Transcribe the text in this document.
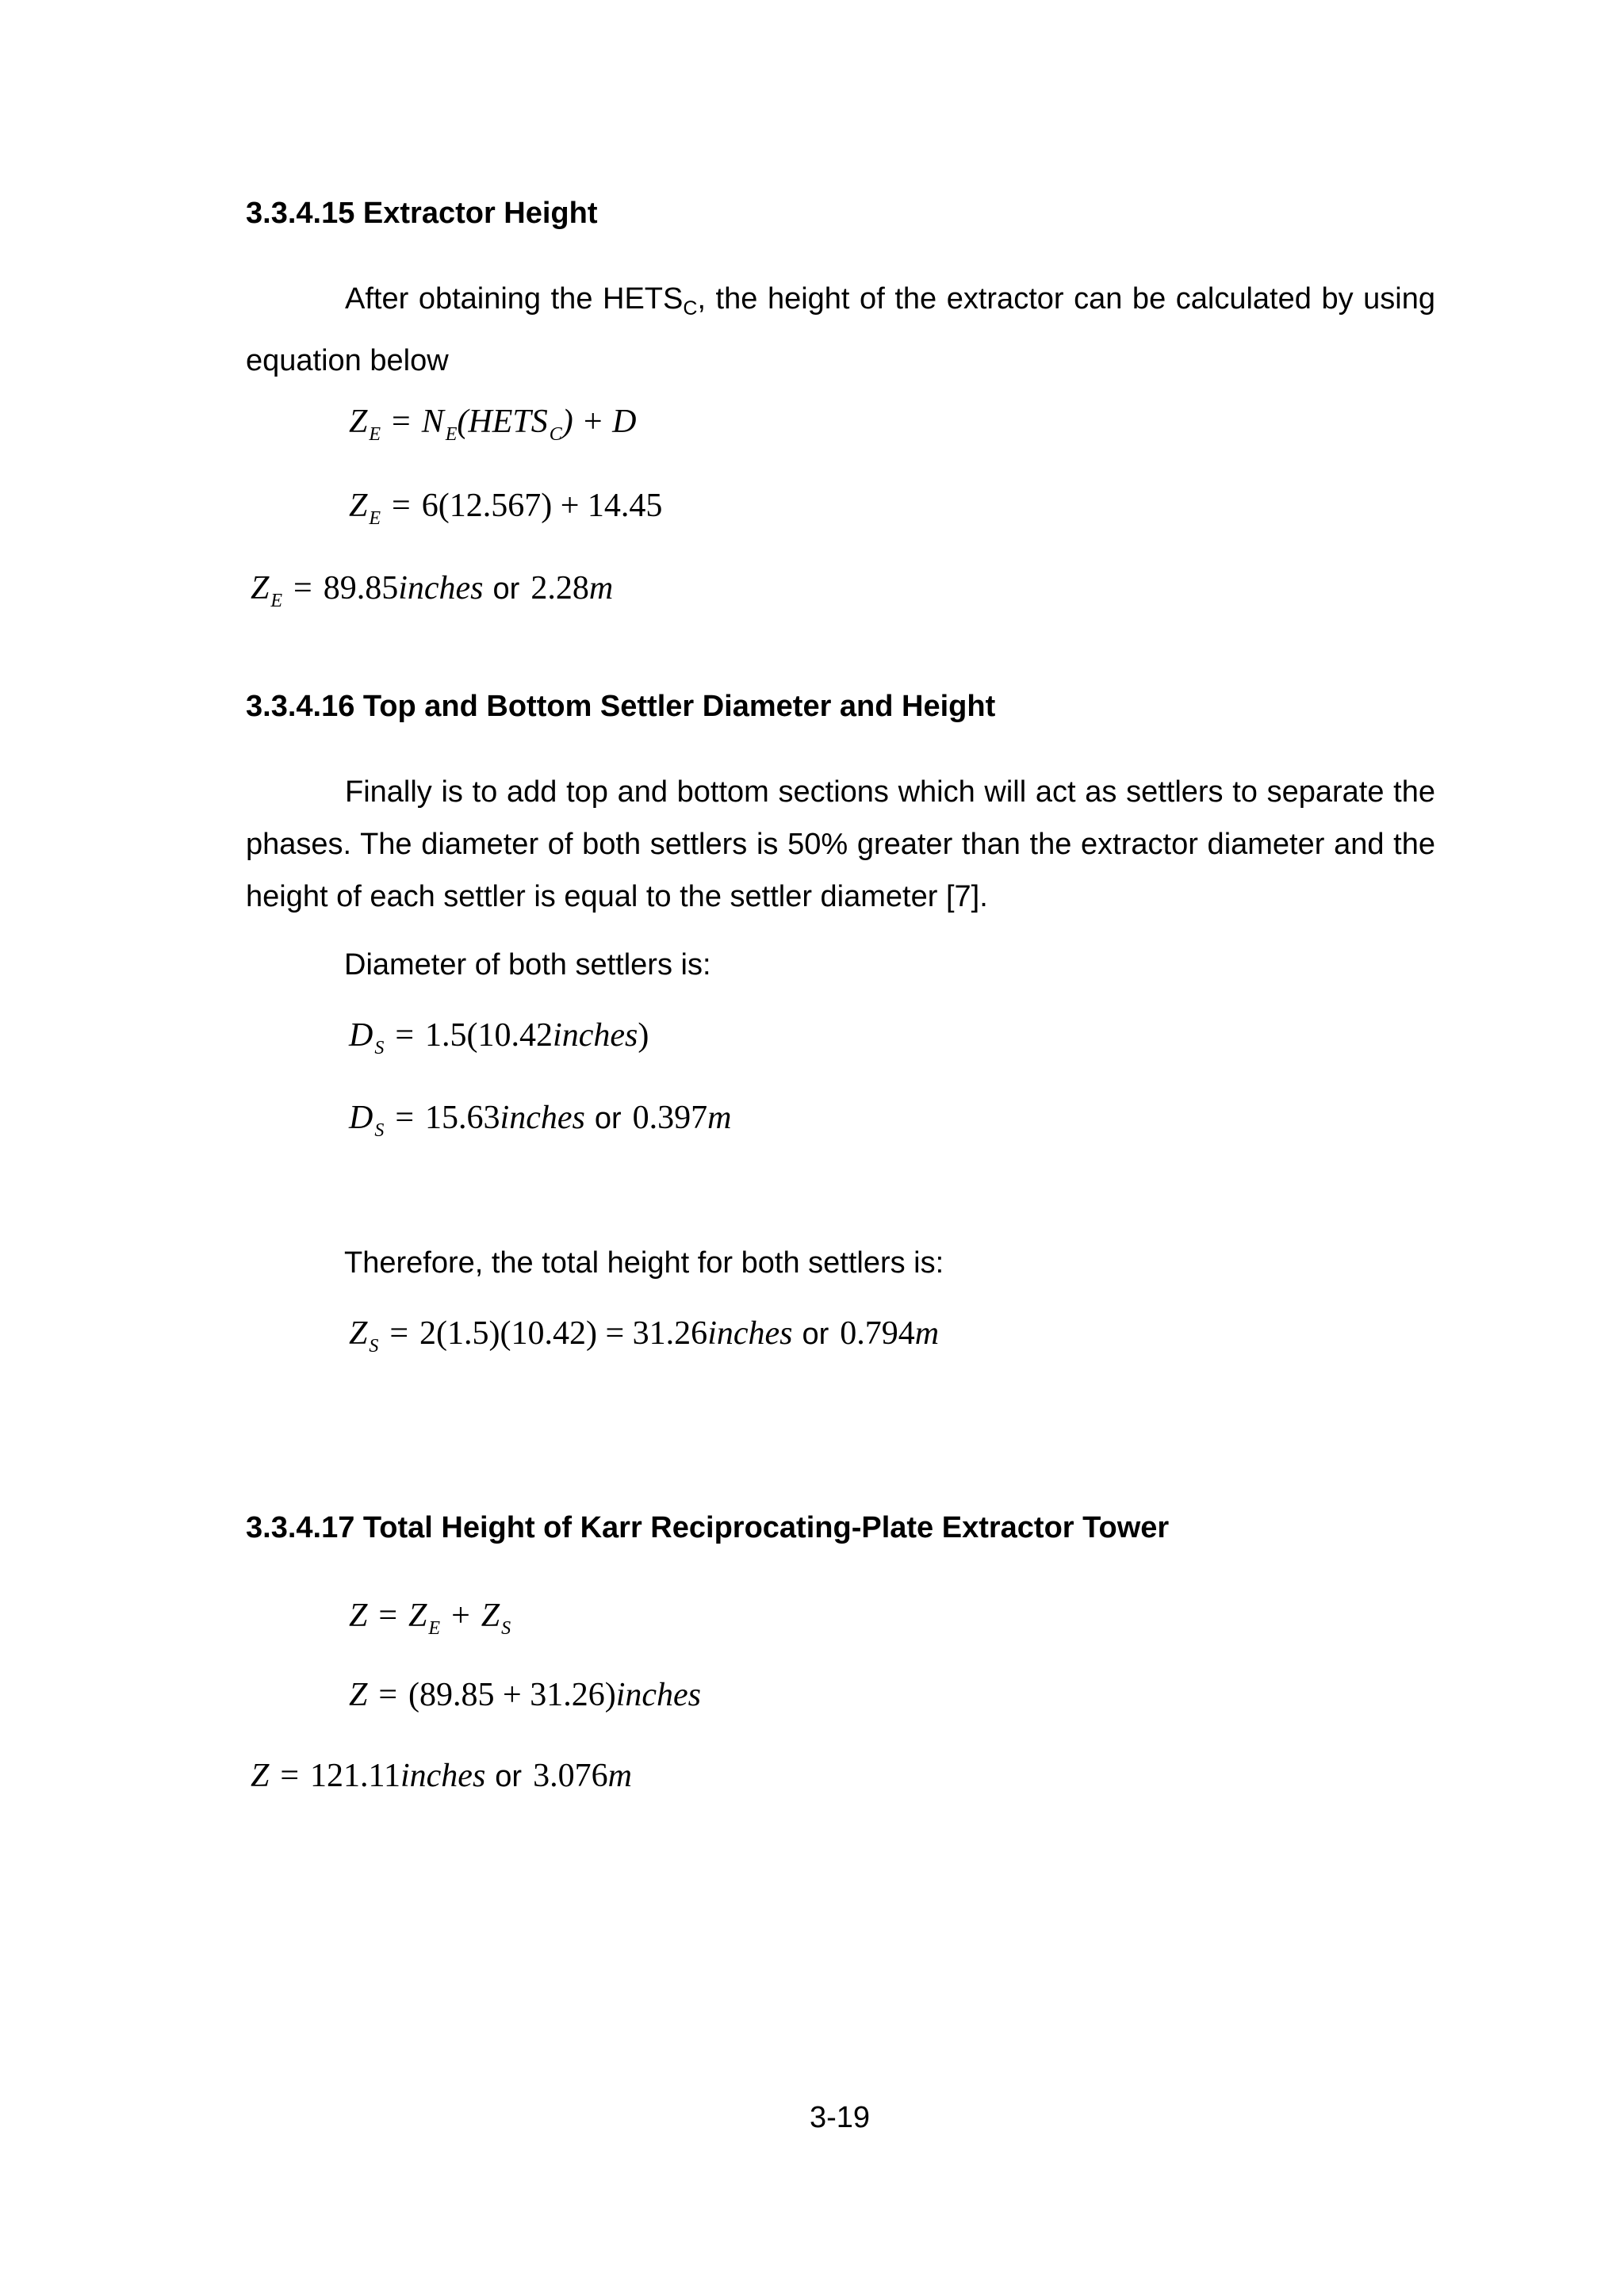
3.3.4.15 Extractor Height

After obtaining the $HETS_C$, the height of the extractor can be calculated by using equation below

$Z_E$ = $N_E(HETS_C) + D$
$Z_E = 6(12.567) + 14.45$
$Z_E$ = 89.85inches or 2.28m
3.3.4.16 Top and Bottom Settler Diameter and Height

Finally is to add top and bottom sections which will act as settlers to separate the phases. The diameter of both settlers is 50% greater than the extractor diameter and the height of each settler is equal to the settler diameter [7].

Diameter of both settlers is:
$D_S$ = 1.5(10.42inches)
$D_S$ = 15.63inches or 0.397m
Therefore, the total height for both settlers is:
$Z_S = 2(1.5)(10.42)$ = 31.26inches or 0.794m
3.3.4.17 Total Height of Karr Reciprocating-Plate Extractor Tower
$Z = Z_E + Z_S$
Z = (89.85 + 31.26)inches
Z = 121.11inches or 3.076m
3-19
